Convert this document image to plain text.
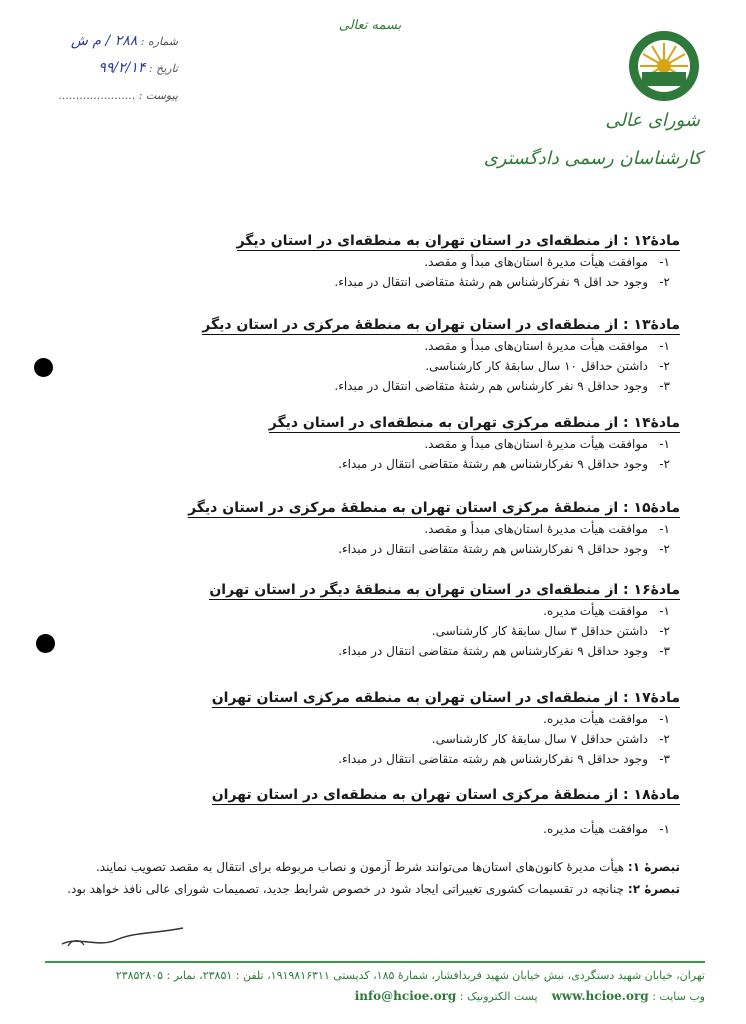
بسمه تعالی
شماره : ۲۸۸ / م ش
تاریخ : ۹۹/۲/۱۴
پیوست : ......................
شورای عالی
کارشناسان رسمی دادگستری
مادۀ۱۲ : از منطقه‌ای در استان تهران به منطقه‌ای در استان دیگر
۱-موافقت هیأت مدیرۀ استان‌های مبدأ و مقصد.
۲-وجود حد اقل ۹ نفرکارشناس هم رشتۀ متقاضی انتقال در مبداء.
مادۀ۱۳ : از منطقه‌ای در استان تهران به منطقۀ مرکزی در استان دیگر
۱-موافقت هیأت مدیرۀ استان‌های مبدأ و مقصد.
۲-داشتن حداقل ۱۰ سال سابقۀ کار کارشناسی.
۳-وجود حداقل ۹ نفر کارشناس هم رشتۀ متقاضی انتقال در مبداء.
مادۀ۱۴ : از منطقه مرکزی تهران به منطقه‌ای در استان دیگر
۱-موافقت هیأت مدیرۀ استان‌های مبدأ و مقصد.
۲-وجود حداقل ۹ نفرکارشناس هم رشتۀ متقاضی انتقال در مبداء.
مادۀ۱۵ : از منطقۀ مرکزی استان تهران به منطقۀ مرکزی در استان دیگر
۱-موافقت هیأت مدیرۀ استان‌های مبدأ و مقصد.
۲-وجود حداقل ۹ نفرکارشناس هم رشتۀ متقاضی انتقال در مبداء.
مادۀ۱۶ : از منطقه‌ای در استان تهران به منطقۀ دیگر در استان تهران
۱-موافقت هیأت مدیره.
۲-داشتن حداقل ۳ سال سابقۀ کار کارشناسی.
۳-وجود حداقل ۹ نفرکارشناس هم رشتۀ متقاضی انتقال در مبداء.
مادۀ۱۷ : از منطقه‌ای در استان تهران به منطقه مرکزی استان تهران
۱-موافقت هیأت مدیره.
۲-داشتن حداقل ۷ سال سابقۀ کار کارشناسی.
۳-وجود حداقل ۹ نفرکارشناس هم رشته متقاضی انتقال در مبداء.
مادۀ۱۸ : از منطقۀ مرکزی استان تهران به منطقه‌ای در استان تهران
۱-موافقت هیأت مدیره.
تبصرۀ ۱: هیأت مدیرۀ کانون‌های استان‌ها می‌توانند شرط آزمون و نصاب مربوطه برای انتقال به مقصد تصویب نمایند.
تبصرۀ ۲: چنانچه در تقسیمات کشوری تغییراتی ایجاد شود در خصوص شرایط جدید، تصمیمات شورای عالی نافذ خواهد بود.
تهران، خیابان شهید دستگردی، نبش خیابان شهید فریدافشار، شمارۀ ۱۸۵، کدپستی ۱۹۱۹۸۱۶۳۱۱، تلفن : ۲۳۸۵۱، نمابر : ۲۳۸۵۲۸۰۵
وب سایت : www.hcioe.org    پست الکترونیک : info@hcioe.org
